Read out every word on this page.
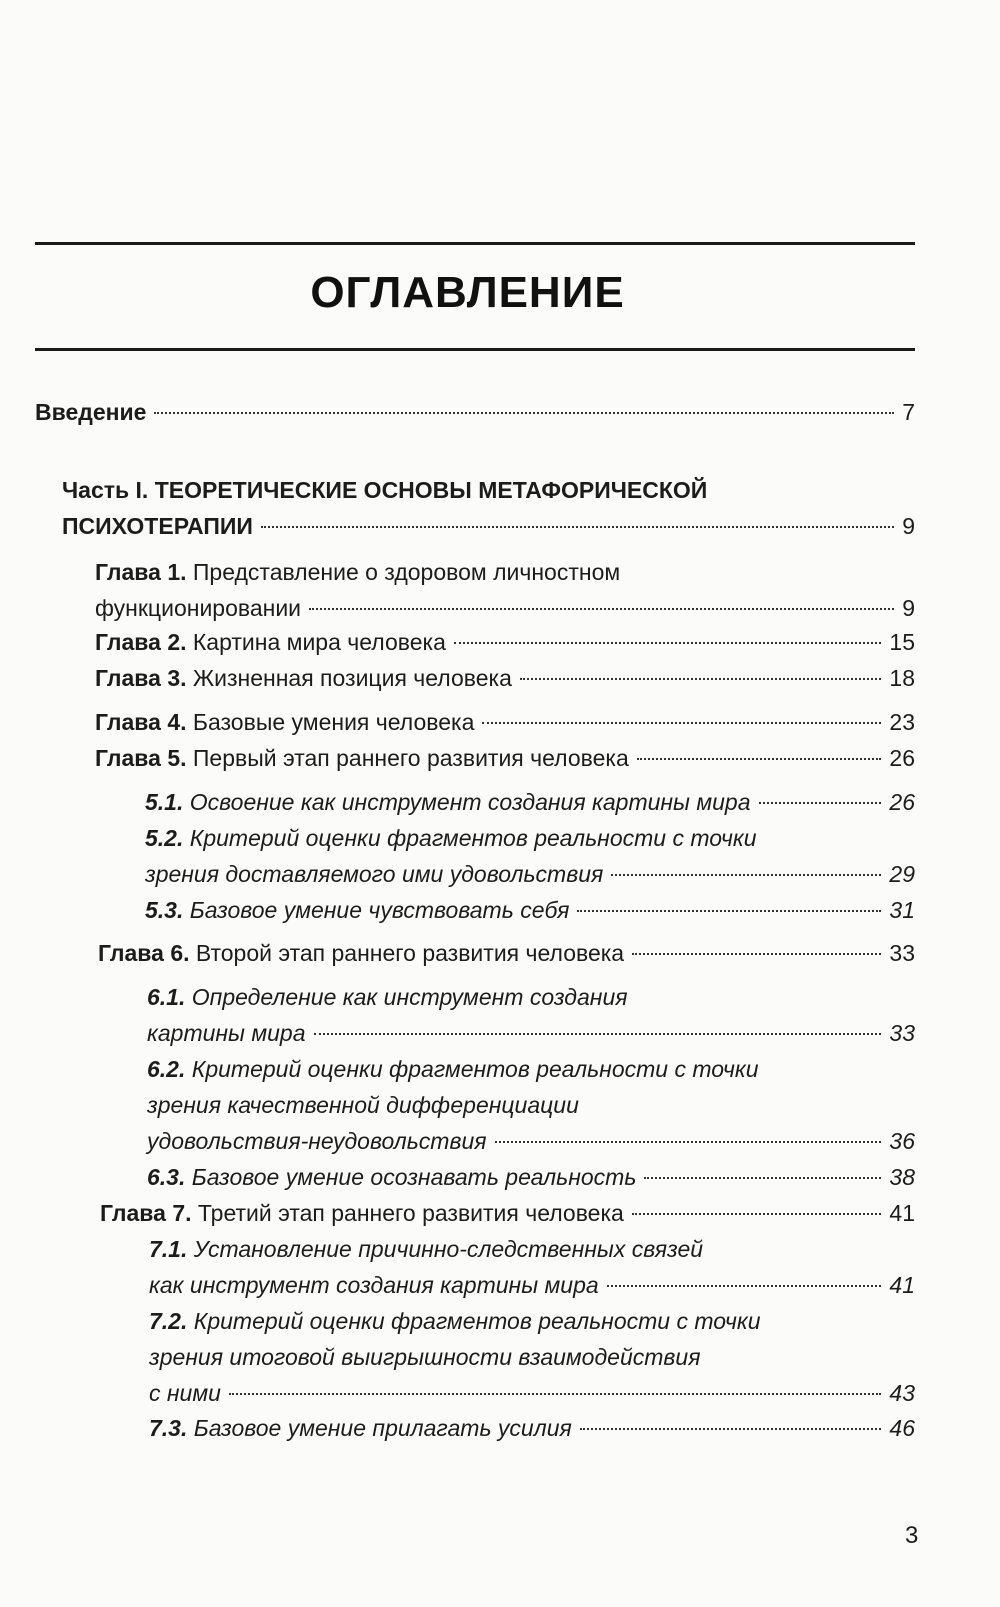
ОГЛАВЛЕНИЕ
Введение	7
Часть I. ТЕОРЕТИЧЕСКИЕ ОСНОВЫ МЕТАФОРИЧЕСКОЙ
ПСИХОТЕРАПИИ	9
Глава 1. Представление о здоровом личностном
функционировании	9
Глава 2. Картина мира человека	15
Глава 3. Жизненная позиция человека	18
Глава 4. Базовые умения человека	23
Глава 5. Первый этап раннего развития человека	26
5.1. Освоение как инструмент создания картины мира	26
5.2. Критерий оценки фрагментов реальности с точки
зрения доставляемого ими удовольствия	29
5.3. Базовое умение чувствовать себя	31
Глава 6. Второй этап раннего развития человека	33
6.1. Определение как инструмент создания
картины мира	33
6.2. Критерий оценки фрагментов реальности с точки
зрения качественной дифференциации
удовольствия-неудовольствия	36
6.3. Базовое умение осознавать реальность	38
Глава 7. Третий этап раннего развития человека	41
7.1. Установление причинно-следственных связей
как инструмент создания картины мира	41
7.2. Критерий оценки фрагментов реальности с точки
зрения итоговой выигрышности взаимодействия
с ними	43
7.3. Базовое умение прилагать усилия	46
3
